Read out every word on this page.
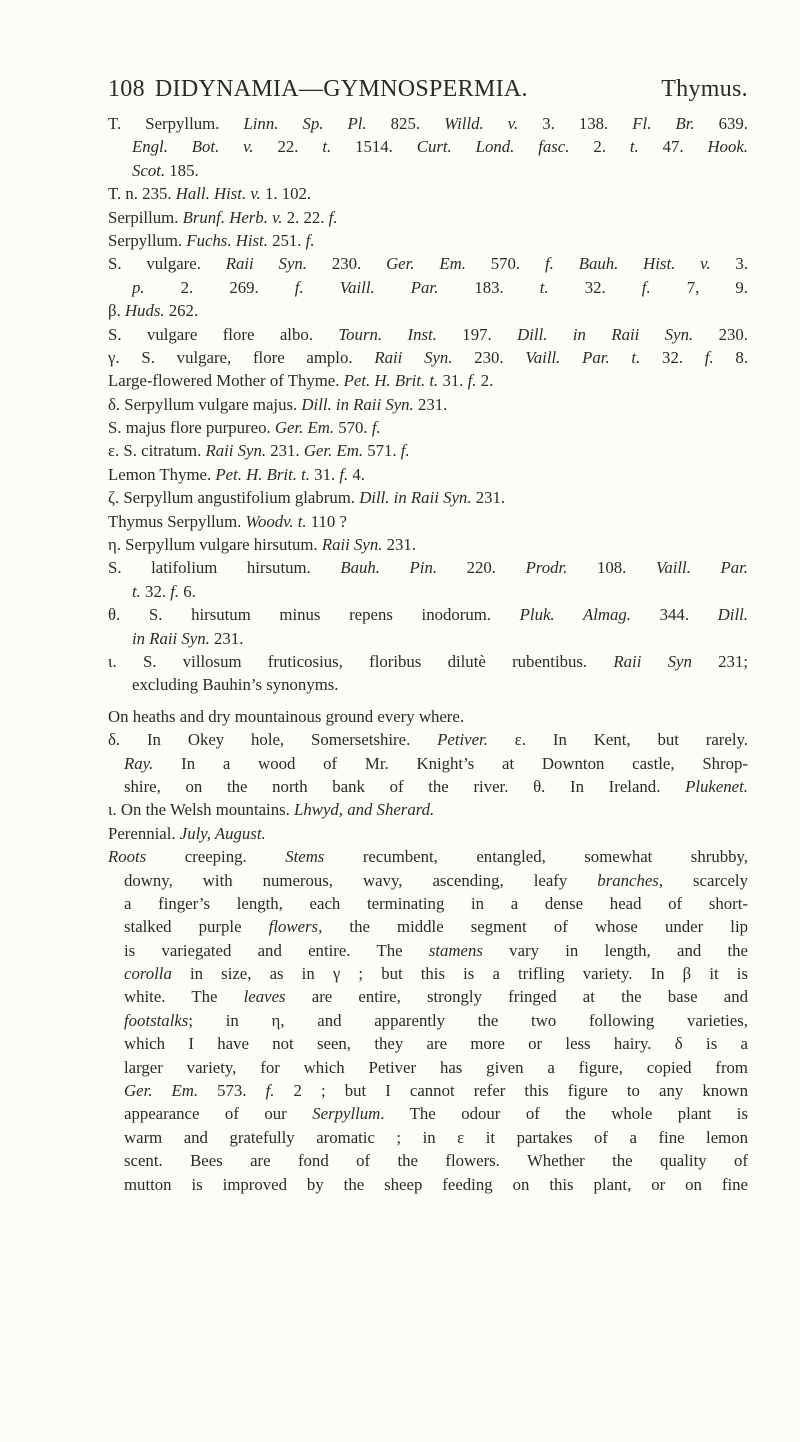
108 DIDYNAMIA—GYMNOSPERMIA.	Thymus.
T. Serpyllum. Linn. Sp. Pl. 825. Willd. v. 3. 138. Fl. Br. 639.
Engl. Bot. v. 22. t. 1514. Curt. Lond. fasc. 2. t. 47. Hook.
Scot. 185.
T. n. 235. Hall. Hist. v. 1. 102.
Serpillum. Brunf. Herb. v. 2. 22. f.
Serpyllum. Fuchs. Hist. 251. f.
S. vulgare. Raii Syn. 230. Ger. Em. 570. f. Bauh. Hist. v. 3.
p. 2. 269. f. Vaill. Par. 183. t. 32. f. 7, 9.
β. Huds. 262.
S. vulgare flore albo. Tourn. Inst. 197. Dill. in Raii Syn. 230.
γ. S. vulgare, flore amplo. Raii Syn. 230. Vaill. Par. t. 32. f. 8.
Large-flowered Mother of Thyme. Pet. H. Brit. t. 31. f. 2.
δ. Serpyllum vulgare majus. Dill. in Raii Syn. 231.
S. majus flore purpureo. Ger. Em. 570. f.
ε. S. citratum. Raii Syn. 231. Ger. Em. 571. f.
Lemon Thyme. Pet. H. Brit. t. 31. f. 4.
ζ. Serpyllum angustifolium glabrum. Dill. in Raii Syn. 231.
Thymus Serpyllum. Woodv. t. 110 ?
η. Serpyllum vulgare hirsutum. Raii Syn. 231.
S. latifolium hirsutum. Bauh. Pin. 220. Prodr. 108. Vaill. Par.
t. 32. f. 6.
θ. S. hirsutum minus repens inodorum. Pluk. Almag. 344. Dill.
in Raii Syn. 231.
ι. S. villosum fruticosius, floribus dilutè rubentibus. Raii Syn 231;
excluding Bauhin’s synonyms.
On heaths and dry mountainous ground every where.
δ. In Okey hole, Somersetshire. Petiver. ε. In Kent, but rarely.
Ray. In a wood of Mr. Knight’s at Downton castle, Shrop-
shire, on the north bank of the river. θ. In Ireland. Plukenet.
ι. On the Welsh mountains. Lhwyd, and Sherard.
Perennial. July, August.
Roots creeping. Stems recumbent, entangled, somewhat shrubby,
downy, with numerous, wavy, ascending, leafy branches, scarcely
a finger’s length, each terminating in a dense head of short-
stalked purple flowers, the middle segment of whose under lip
is variegated and entire. The stamens vary in length, and the
corolla in size, as in γ ; but this is a trifling variety. In β it is
white. The leaves are entire, strongly fringed at the base and
footstalks; in η, and apparently the two following varieties,
which I have not seen, they are more or less hairy. δ is a
larger variety, for which Petiver has given a figure, copied from
Ger. Em. 573. f. 2 ; but I cannot refer this figure to any known
appearance of our Serpyllum. The odour of the whole plant is
warm and gratefully aromatic ; in ε it partakes of a fine lemon
scent. Bees are fond of the flowers. Whether the quality of
mutton is improved by the sheep feeding on this plant, or on fine
